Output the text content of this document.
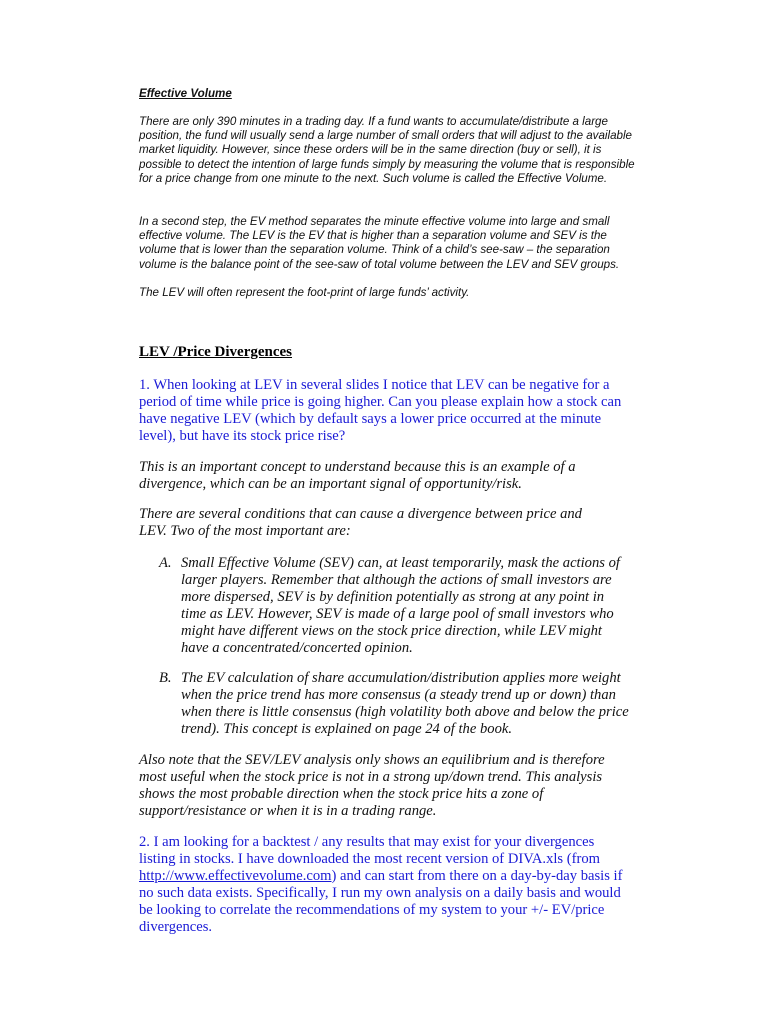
Effective Volume

There are only 390 minutes in a trading day. If a fund wants to accumulate/distribute a large position, the fund will usually send a large number of small orders that will adjust to the available market liquidity. However, since these orders will be in the same direction (buy or sell), it is possible to detect the intention of large funds simply by measuring the volume that is responsible for a price change from one minute to the next. Such volume is called the Effective Volume.

In a second step, the EV method separates the minute effective volume into large and small effective volume. The LEV is the EV that is higher than a separation volume and SEV is the volume that is lower than the separation volume. Think of a child’s see-saw – the separation volume is the balance point of the see-saw of total volume between the LEV and SEV groups.

The LEV will often represent the foot-print of large funds’ activity.

LEV /Price Divergences

1. When looking at LEV in several slides I notice that LEV can be negative for a period of time while price is going higher. Can you please explain how a stock can have negative LEV (which by default says a lower price occurred at the minute level), but have its stock price rise?

This is an important concept to understand because this is an example of a divergence, which can be an important signal of opportunity/risk.

There are several conditions that can cause a divergence between price and LEV. Two of the most important are:

A. Small Effective Volume (SEV) can, at least temporarily, mask the actions of larger players. Remember that although the actions of small investors are more dispersed, SEV is by definition potentially as strong at any point in time as LEV. However, SEV is made of a large pool of small investors who might have different views on the stock price direction, while LEV might have a concentrated/concerted opinion.
B. The EV calculation of share accumulation/distribution applies more weight when the price trend has more consensus (a steady trend up or down) than when there is little consensus (high volatility both above and below the price trend). This concept is explained on page 24 of the book.

Also note that the SEV/LEV analysis only shows an equilibrium and is therefore most useful when the stock price is not in a strong up/down trend. This analysis shows the most probable direction when the stock price hits a zone of support/resistance or when it is in a trading range.

2. I am looking for a backtest / any results that may exist for your divergences listing in stocks. I have downloaded the most recent version of DIVA.xls (from http://www.effectivevolume.com) and can start from there on a day-by-day basis if no such data exists. Specifically, I run my own analysis on a daily basis and would be looking to correlate the recommendations of my system to your +/- EV/price divergences.
